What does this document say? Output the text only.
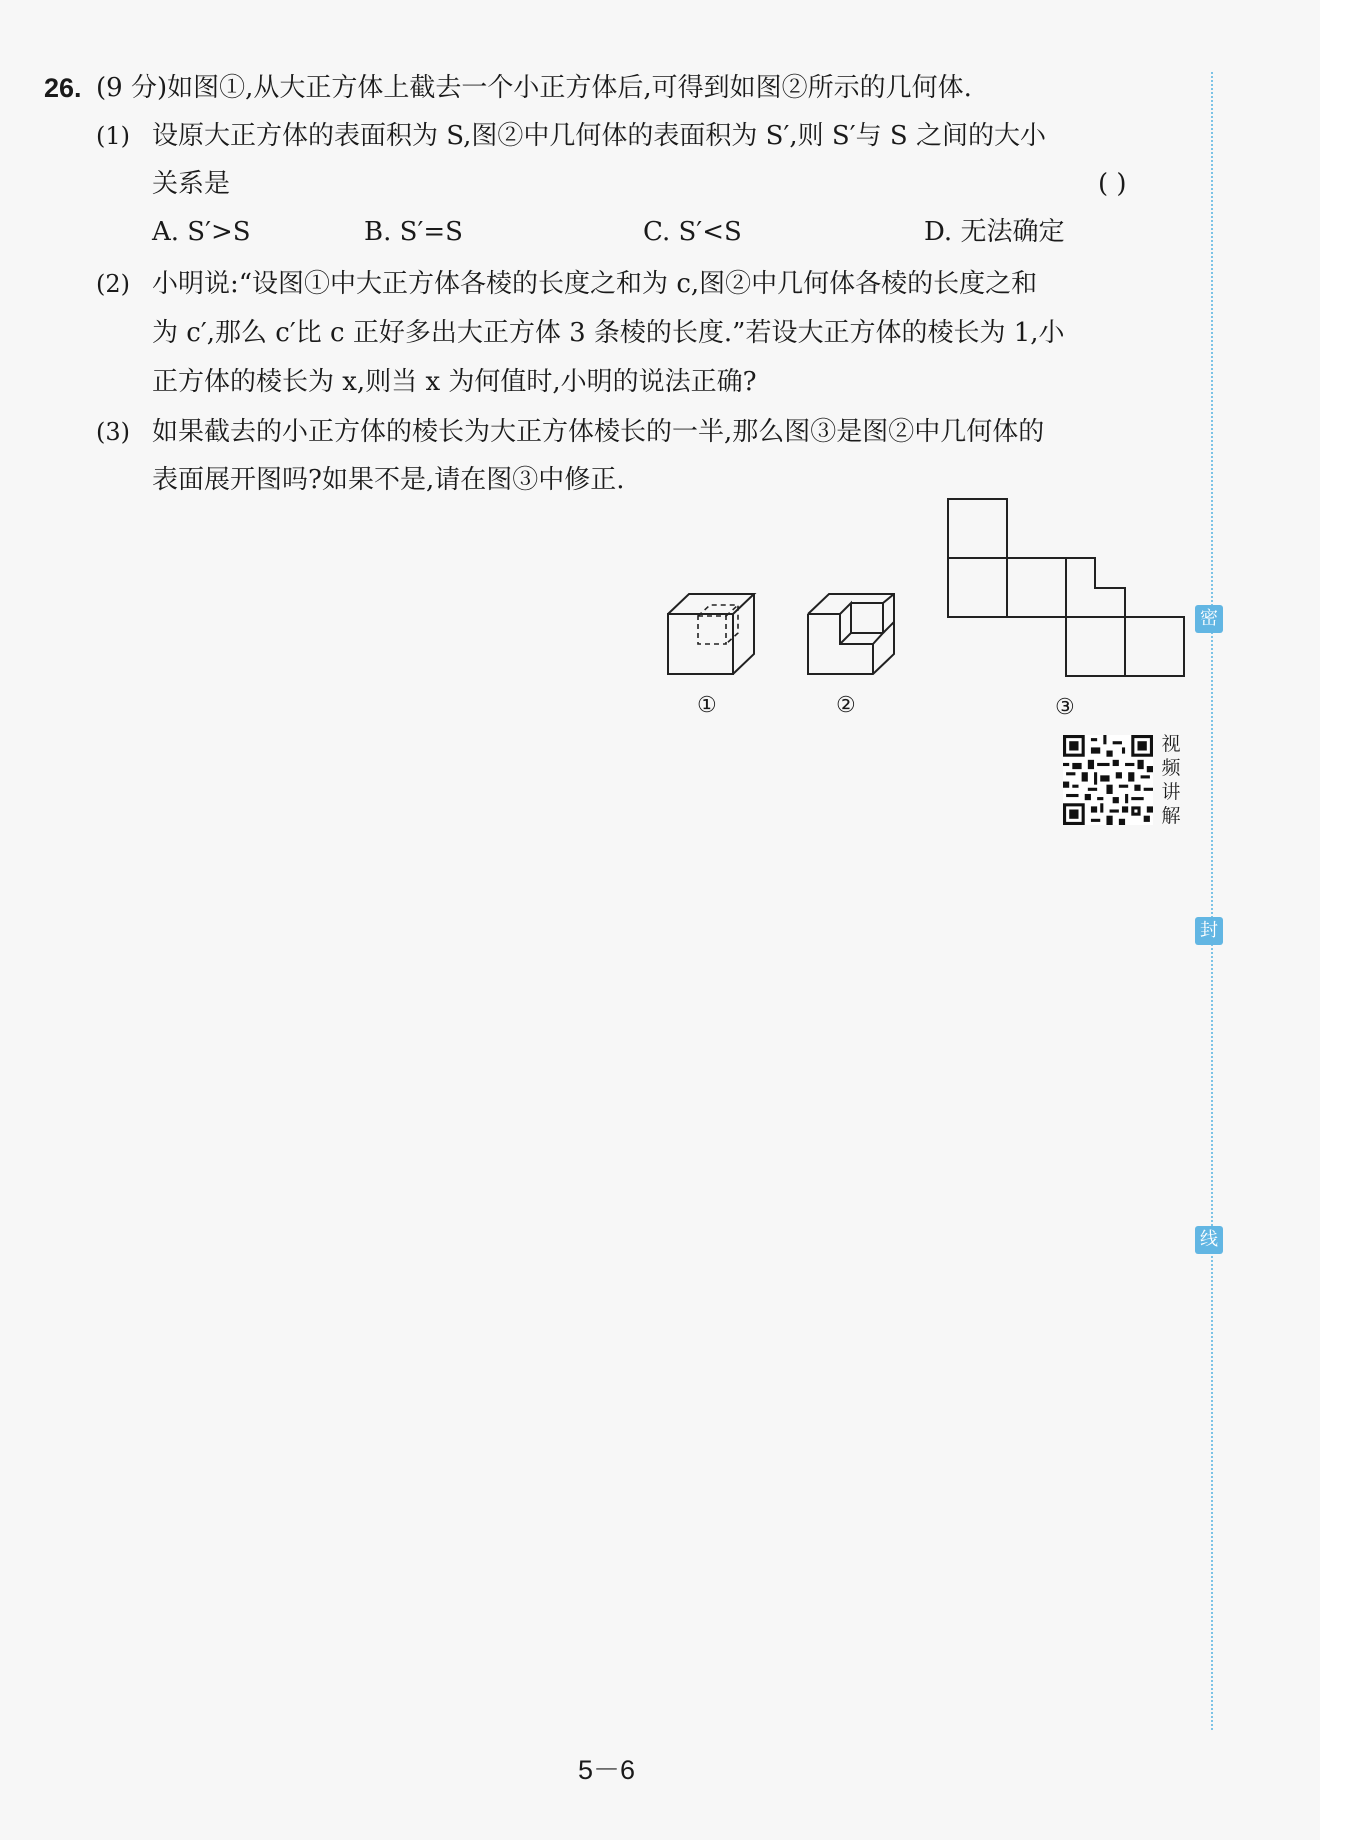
26. (9 分)如图①,从大正方体上截去一个小正方体后,可得到如图②所示的几何体.
(1) 设原大正方体的表面积为 S,图②中几何体的表面积为 S′,则 S′与 S 之间的大小
关系是	( )
A. S′>S	B. S′=S	C. S′<S	D. 无法确定
(2) 小明说:“设图①中大正方体各棱的长度之和为 c,图②中几何体各棱的长度之和
为 c′,那么 c′比 c 正好多出大正方体 3 条棱的长度.”若设大正方体的棱长为 1,小
正方体的棱长为 x,则当 x 为何值时,小明的说法正确?
(3) 如果截去的小正方体的棱长为大正方体棱长的一半,那么图③是图②中几何体的
表面展开图吗?如果不是,请在图③中修正.
①	②	③
视
频
讲
解
密
封
线
5－6
